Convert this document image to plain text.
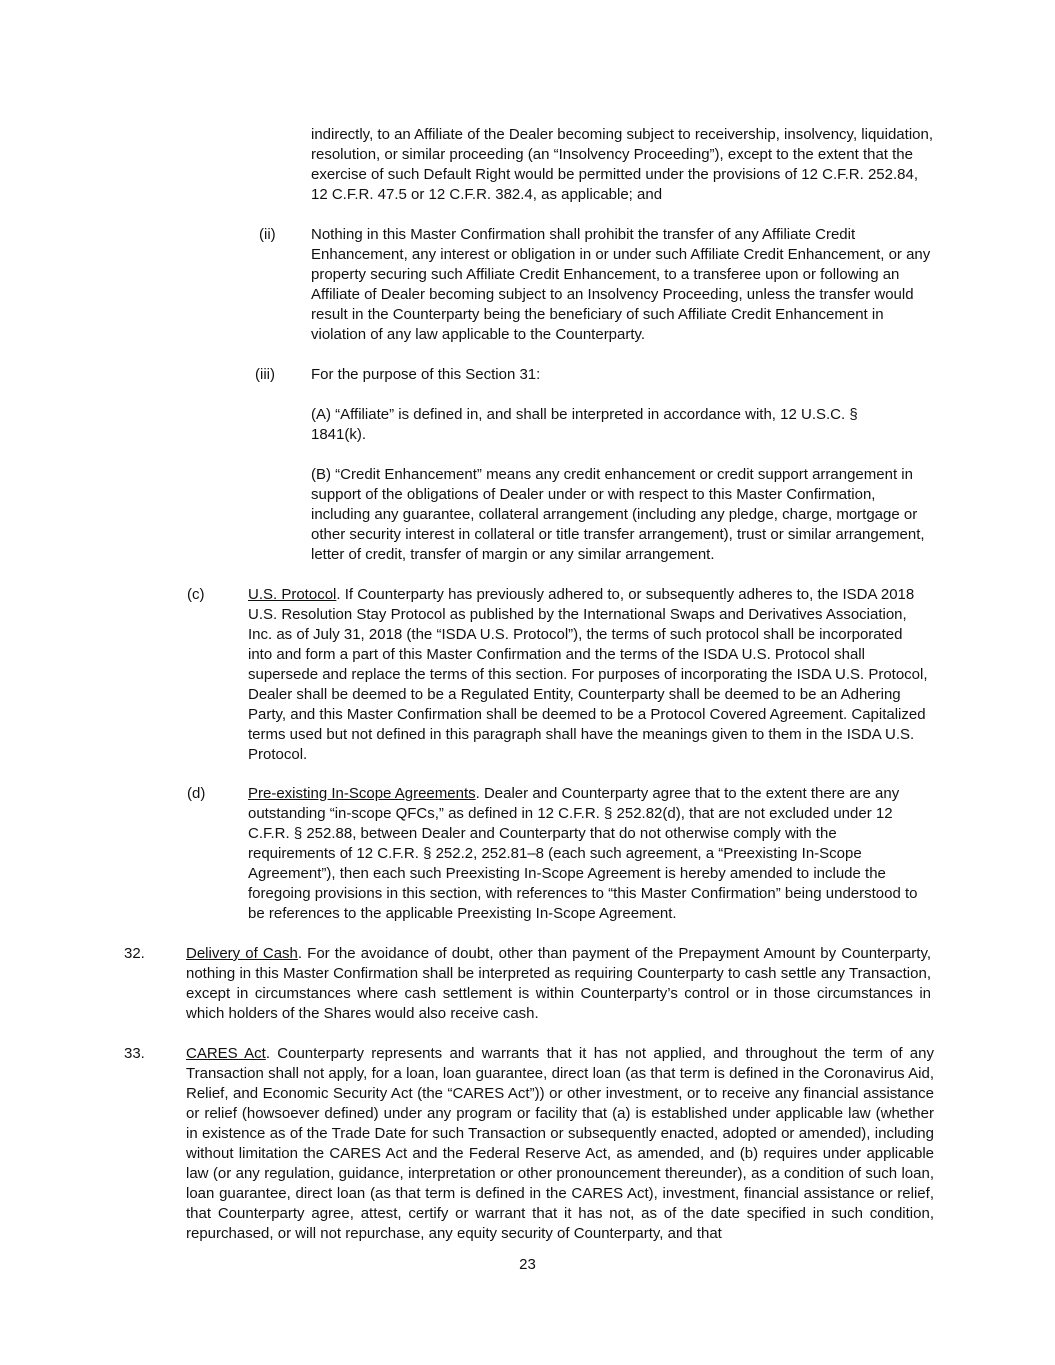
indirectly, to an Affiliate of the Dealer becoming subject to receivership, insolvency, liquidation, resolution, or similar proceeding (an “Insolvency Proceeding”), except to the extent that the exercise of such Default Right would be permitted under the provisions of 12 C.F.R. 252.84, 12 C.F.R. 47.5 or 12 C.F.R. 382.4, as applicable; and

(ii) Nothing in this Master Confirmation shall prohibit the transfer of any Affiliate Credit Enhancement, any interest or obligation in or under such Affiliate Credit Enhancement, or any property securing such Affiliate Credit Enhancement, to a transferee upon or following an Affiliate of Dealer becoming subject to an Insolvency Proceeding, unless the transfer would result in the Counterparty being the beneficiary of such Affiliate Credit Enhancement in violation of any law applicable to the Counterparty.

(iii) For the purpose of this Section 31:

(A) “Affiliate” is defined in, and shall be interpreted in accordance with, 12 U.S.C. § 1841(k).

(B) “Credit Enhancement” means any credit enhancement or credit support arrangement in support of the obligations of Dealer under or with respect to this Master Confirmation, including any guarantee, collateral arrangement (including any pledge, charge, mortgage or other security interest in collateral or title transfer arrangement), trust or similar arrangement, letter of credit, transfer of margin or any similar arrangement.

(c)	U.S. Protocol. If Counterparty has previously adhered to, or subsequently adheres to, the ISDA 2018 U.S. Resolution Stay Protocol as published by the International Swaps and Derivatives Association, Inc. as of July 31, 2018 (the “ISDA U.S. Protocol”), the terms of such protocol shall be incorporated into and form a part of this Master Confirmation and the terms of the ISDA U.S. Protocol shall supersede and replace the terms of this section. For purposes of incorporating the ISDA U.S. Protocol, Dealer shall be deemed to be a Regulated Entity, Counterparty shall be deemed to be an Adhering Party, and this Master Confirmation shall be deemed to be a Protocol Covered Agreement. Capitalized terms used but not defined in this paragraph shall have the meanings given to them in the ISDA U.S. Protocol.

(d)	Pre-existing In-Scope Agreements. Dealer and Counterparty agree that to the extent there are any outstanding “in-scope QFCs,” as defined in 12 C.F.R. § 252.82(d), that are not excluded under 12 C.F.R. § 252.88, between Dealer and Counterparty that do not otherwise comply with the requirements of 12 C.F.R. § 252.2, 252.81–8 (each such agreement, a “Preexisting In-Scope Agreement”), then each such Preexisting In-Scope Agreement is hereby amended to include the foregoing provisions in this section, with references to “this Master Confirmation” being understood to be references to the applicable Preexisting In-Scope Agreement.

32.	Delivery of Cash. For the avoidance of doubt, other than payment of the Prepayment Amount by Counterparty, nothing in this Master Confirmation shall be interpreted as requiring Counterparty to cash settle any Transaction, except in circumstances where cash settlement is within Counterparty’s control or in those circumstances in which holders of the Shares would also receive cash.

33.	CARES Act. Counterparty represents and warrants that it has not applied, and throughout the term of any Transaction shall not apply, for a loan, loan guarantee, direct loan (as that term is defined in the Coronavirus Aid, Relief, and Economic Security Act (the “CARES Act”)) or other investment, or to receive any financial assistance or relief (howsoever defined) under any program or facility that (a) is established under applicable law (whether in existence as of the Trade Date for such Transaction or subsequently enacted, adopted or amended), including without limitation the CARES Act and the Federal Reserve Act, as amended, and (b) requires under applicable law (or any regulation, guidance, interpretation or other pronouncement thereunder), as a condition of such loan, loan guarantee, direct loan (as that term is defined in the CARES Act), investment, financial assistance or relief, that Counterparty agree, attest, certify or warrant that it has not, as of the date specified in such condition, repurchased, or will not repurchase, any equity security of Counterparty, and that

23
